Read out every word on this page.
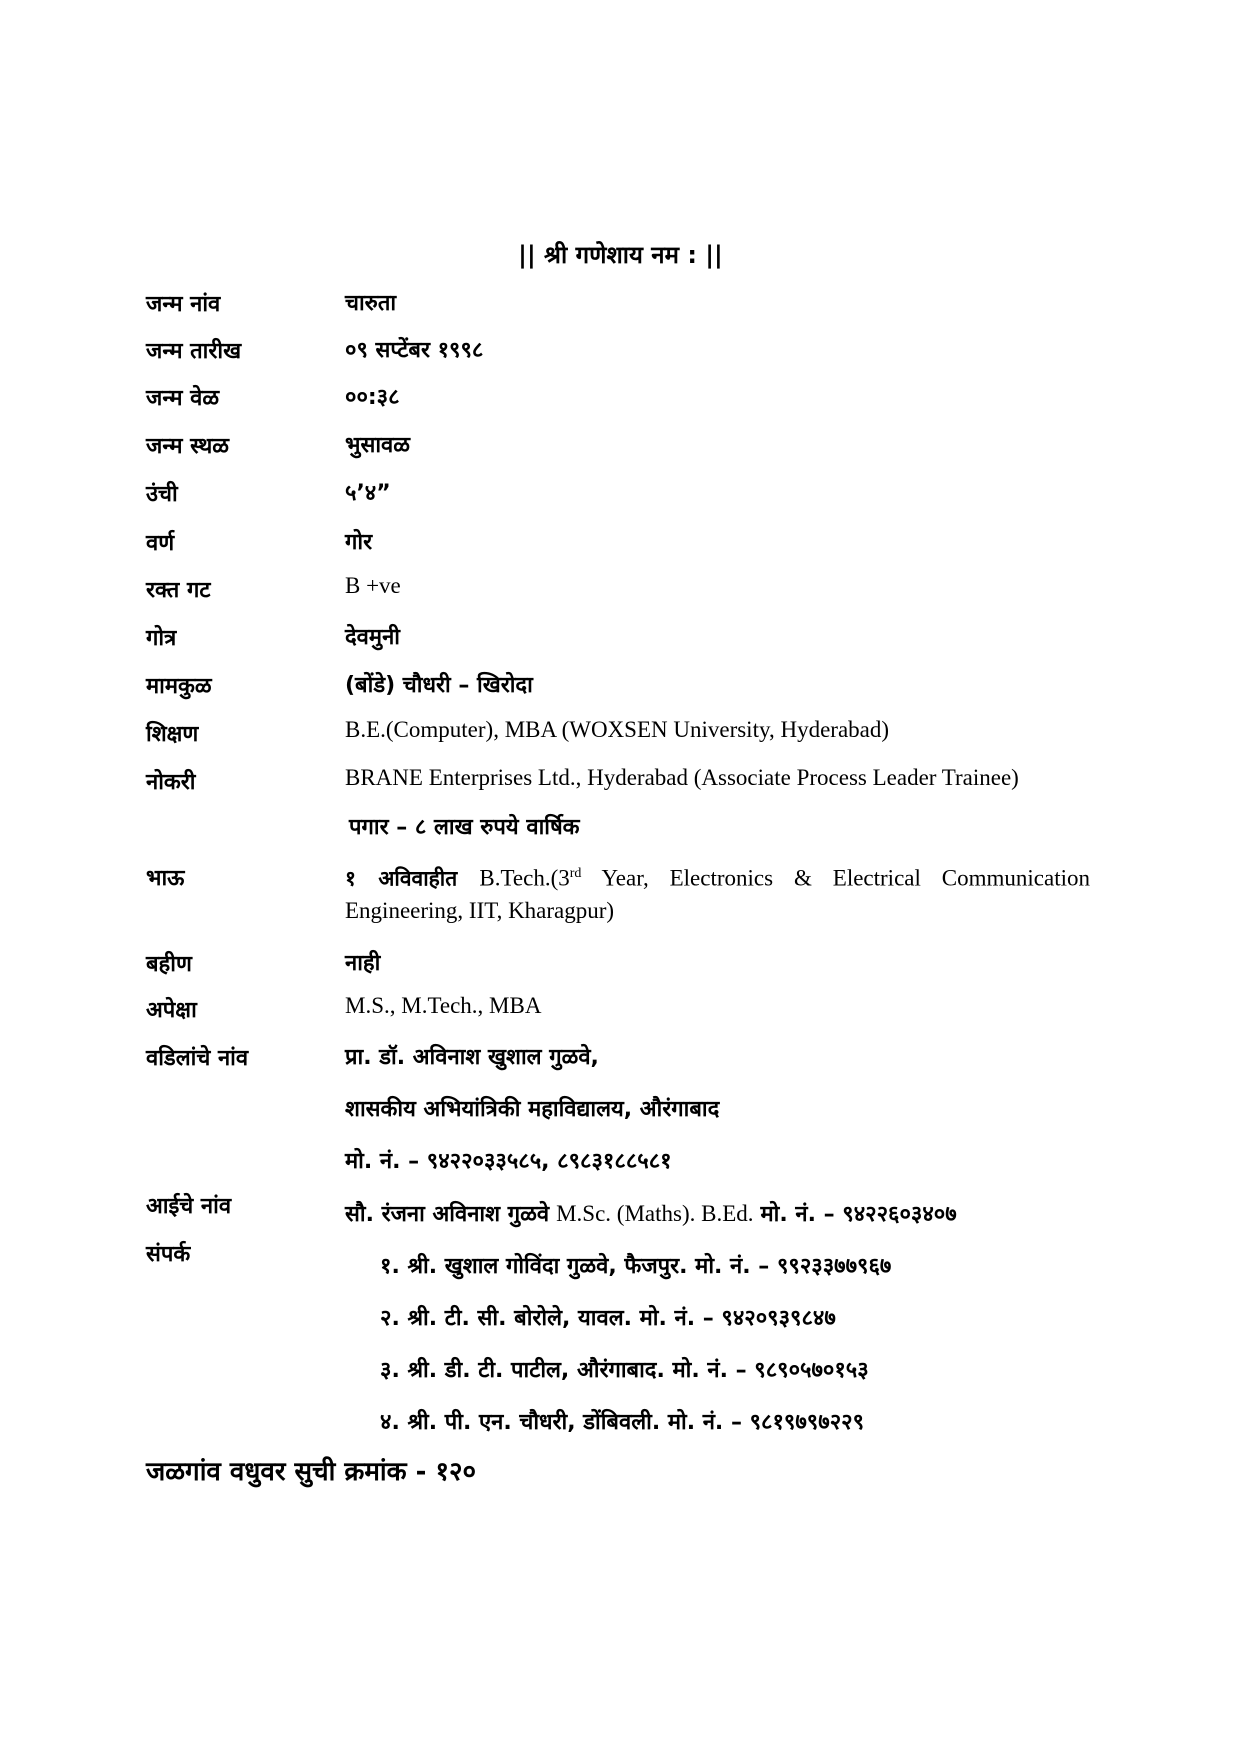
|| श्री गणेशाय नम : ||
जन्म नांव	चारुता
जन्म तारीख	०९ सप्टेंबर १९९८
जन्म वेळ	००:३८
जन्म स्थळ	भुसावळ
उंची	५’४”
वर्ण	गोर
रक्त गट	B +ve
गोत्र	देवमुनी
मामकुळ	(बोंडे) चौधरी – खिरोदा
शिक्षण	B.E.(Computer), MBA (WOXSEN University, Hyderabad)
नोकरी	BRANE Enterprises Ltd., Hyderabad (Associate Process Leader Trainee)
पगार – ८ लाख रुपये वार्षिक
भाऊ	१ अविवाहीत B.Tech.(3rd Year, Electronics & Electrical Communication Engineering, IIT, Kharagpur)
बहीण	नाही
अपेक्षा	M.S., M.Tech., MBA
वडिलांचे नांव	प्रा. डॉ. अविनाश खुशाल गुळवे,
शासकीय अभियांत्रिकी महाविद्यालय, औरंगाबाद
मो. नं. – ९४२२०३३५८५, ८९८३१८८५८१
आईचे नांव	सौ. रंजना अविनाश गुळवे M.Sc. (Maths). B.Ed. मो. नं. – ९४२२६०३४०७
संपर्क	१. श्री. खुशाल गोविंदा गुळवे, फैजपुर. मो. नं. – ९९२३३७७९६७
२. श्री. टी. सी. बोरोले, यावल. मो. नं. – ९४२०९३९८४७
३. श्री. डी. टी. पाटील, औरंगाबाद. मो. नं. – ९८९०५७०१५३
४. श्री. पी. एन. चौधरी, डोंबिवली. मो. नं. – ९८१९७९७२२९
जळगांव वधुवर सुची क्रमांक - १२०
